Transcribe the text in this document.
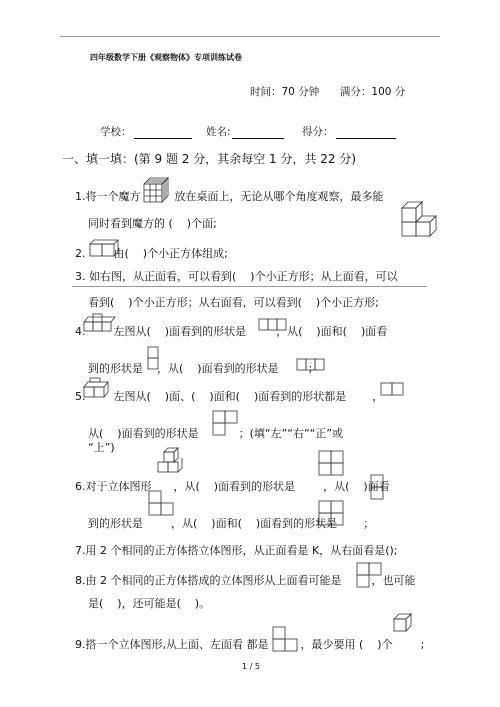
四年级数学下册《观察物体》专项训练试卷
时间：70 分钟 满分：100 分
学校：	姓名:	得分：
一、填一填：(第 9 题 2 分，其余每空 1 分，共 22 分)
1.将一个魔方	放在桌面上，无论从哪个角度观察，最多能
同时看到魔方的 ( )个面;
2.	由( )个小正方体组成;
3. 如右图，从正面看，可以看到( )个小正方形；从上面看，可以
看到( )个小正方形；从右面看，可以看到( )个小正方形;
4.	左图从( )面看到的形状是	，从( )面和( )面看
到的形状是 ，从( )面看到的形状是	;
5.	左图从( )面、( )面和( )面看到的形状都是 ，
从( )面看到的形状是	；(填“左”“右”“正”或
“上”)
6.对于立体图形 ，从( )面看到的形状是	，从( )面看
到的形状是	，从( )面和( )面看到的形状是 ；
7.用 2 个相同的正方体搭立体图形，从正面看是 K，从右面看是();
8.由 2 个相同的正方体搭成的立体图形从上面看可能是	，也可能
是( )，还可能是( )。
9.搭一个立体图形,从上面、左面看 都是	，最少要用 ( )个	;
1 / 5
